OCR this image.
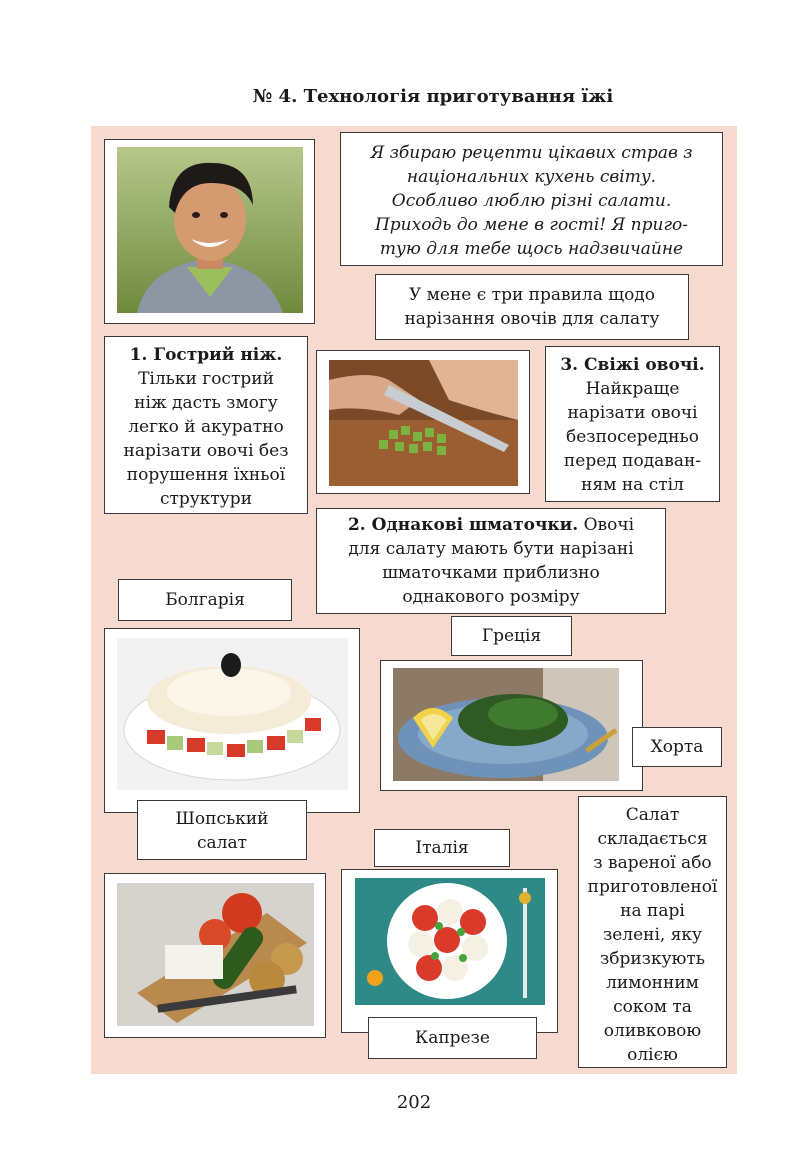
№ 4. Технологія приготування їжі
Я збираю рецепти цікавих страв з
національних кухень світу.
Особливо люблю різні салати.
Приходь до мене в гості! Я приго-
тую для тебе щось надзвичайне
У мене є три правила щодо
нарізання овочів для салату
1. Гострий ніж.
Тільки гострий
ніж дасть змогу
легко й акуратно
нарізати овочі без
порушення їхньої
структури
3. Свіжі овочі.
Найкраще
нарізати овочі
безпосередньо
перед подаван-
ням на стіл
2. Однакові шматочки. Овочі
для салату мають бути нарізані
шматочками приблизно
однакового розміру
Болгарія
Шопський
салат
Греція
Хорта
Салат
складається
з вареної або
приготовленої
на парі
зелені, яку
збризкують
лимонним
соком та
оливковою
олією
Італія
Капрезе
202
